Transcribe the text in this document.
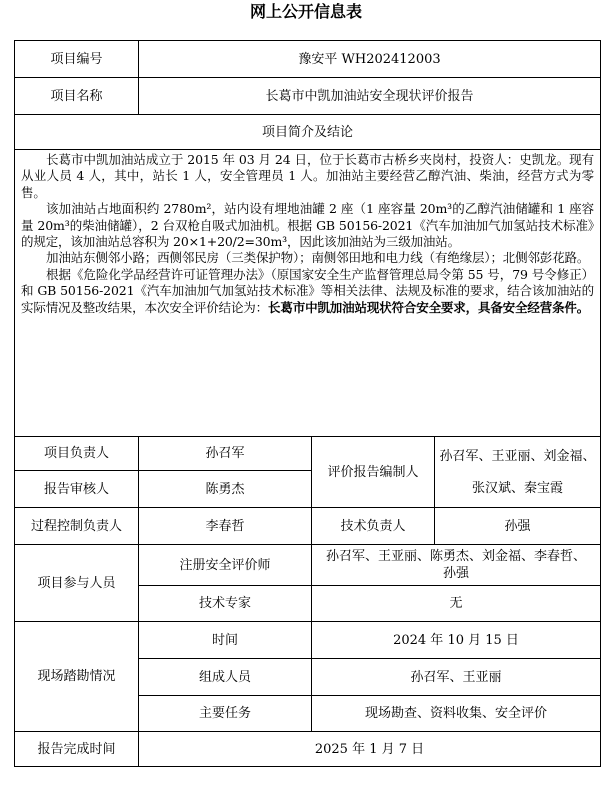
网上公开信息表
项目编号	豫安平 WH202412003		
项目名称	长葛市中凯加油站安全现状评价报告		
项目简介及结论			

长葛市中凯加油站成立于 2015 年 03 月 24 日，位于长葛市古桥乡夹岗村，投资人：史凯龙。现有从业人员 4 人，其中，站长 1 人，安全管理员 1 人。加油站主要经营乙醇汽油、柴油，经营方式为零售。

该加油站占地面积约 2780m²，站内设有埋地油罐 2 座（1 座容量 20m³的乙醇汽油储罐和 1 座容量 20m³的柴油储罐），2 台双枪自吸式加油机。根据 GB 50156-2021《汽车加油加气加氢站技术标准》的规定，该加油站总容积为 20×1+20/2=30m³，因此该加油站为三级加油站。

加油站东侧邻小路；西侧邻民房（三类保护物）；南侧邻田地和电力线（有绝缘层）；北侧邻彭花路。

根据《危险化学品经营许可证管理办法》（原国家安全生产监督管理总局令第 55 号，79 号令修正）和 GB 50156-2021《汽车加油加气加氢站技术标准》等相关法律、法规及标准的要求，结合该加油站的实际情况及整改结果，本次安全评价结论为：长葛市中凯加油站现状符合安全要求，具备安全经营条件。			

项目负责人	孙召军	评价报告编制人	孙召军、王亚丽、刘金福、
张汉斌、秦宝霞

报告审核人	陈勇杰		
过程控制负责人	李春哲	技术负责人	孙强
项目参与人员	注册安全评价师	孙召军、王亚丽、陈勇杰、刘金福、李春哲、
孙强	

	技术专家	无	
现场踏勘情况	时间	2024 年 10 月 15 日	
	组成人员	孙召军、王亚丽	
	主要任务	现场勘查、资料收集、安全评价	
报告完成时间	2025 年 1 月 7 日		
